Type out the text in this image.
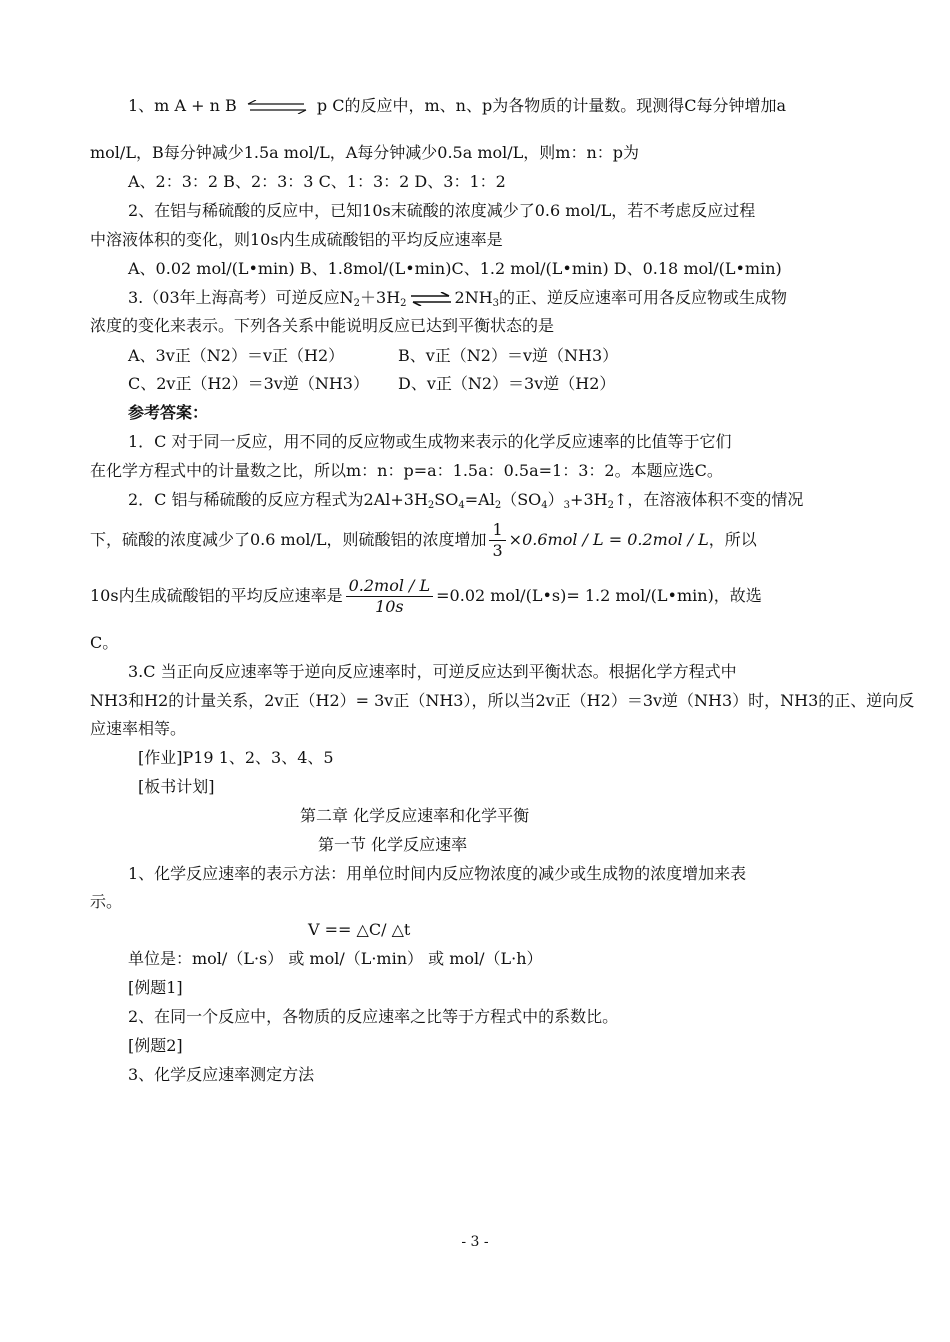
1、m A + n B ⇌ p C的反应中，m、n、p为各物质的计量数。现测得C每分钟增加a
mol/L，B每分钟减少1.5a mol/L，A每分钟减少0.5a mol/L，则m：n：p为
A、2：3：2 B、2：3：3 C、1：3：2 D、3：1：2
2、在铝与稀硫酸的反应中，已知10s末硫酸的浓度减少了0.6 mol/L，若不考虑反应过程
中溶液体积的变化，则10s内生成硫酸铝的平均反应速率是
A、0.02 mol/(L•min) B、1.8mol/(L•min)C、1.2 mol/(L•min) D、0.18 mol/(L•min)
3.（03年上海高考）可逆反应$N_2+3H_2$ ⇌ $2NH_3$的正、逆反应速率可用各反应物或生成物
浓度的变化来表示。下列各关系中能说明反应已达到平衡状态的是
A、3v正（N2）＝v正（H2）	B、v正（N2）＝v逆（NH3）
C、2v正（H2）＝3v逆（NH3） D、v正（N2）＝3v逆（H2）
参考答案：
1．C 对于同一反应，用不同的反应物或生成物来表示的化学反应速率的比值等于它们
在化学方程式中的计量数之比，所以m：n：p=a：1.5a：0.5a=1：3：2。本题应选C。
2．C 铝与稀硫酸的反应方程式为$2Al+3H_2SO_4=Al_2(SO_4)_3+3H_2↑$，在溶液体积不变的情况
下，硫酸的浓度减少了0.6 mol/L，则硫酸铝的浓度增加 $\frac{1}{3} \times 0.6mol / L = 0.2mol / L$，所以
10s内生成硫酸铝的平均反应速率是 $\frac{\text{0.2mol / L}}{10s} =0.02$ mol/(L•s)= 1.2 mol/(L•min)，故选
C。
3.C 当正向反应速率等于逆向反应速率时，可逆反应达到平衡状态。根据化学方程式中
NH3和H2的计量关系，2v正（H2）= 3v正（NH3），所以当2v正（H2）＝3v逆（NH3）时，NH3的正、逆向反
应速率相等。
[作业]P19 1、2、3、4、5
[板书计划]
第二章 化学反应速率和化学平衡
第一节 化学反应速率
1、化学反应速率的表示方法：用单位时间内反应物浓度的减少或生成物的浓度增加来表
示。
V == △C/ △t
单位是：mol/（L·s） 或 mol/（L·min） 或 mol/（L·h）
[例题1]
2、在同一个反应中，各物质的反应速率之比等于方程式中的系数比。
[例题2]
3、化学反应速率测定方法
- 3 -
